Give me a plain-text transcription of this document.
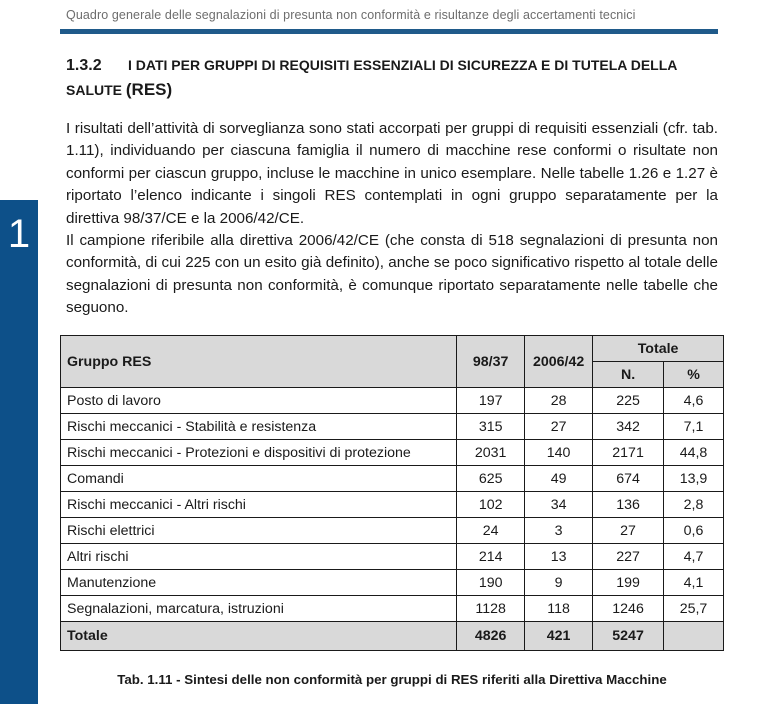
Quadro generale delle segnalazioni di presunta non conformità e risultanze degli accertamenti tecnici
1
1.3.2 I DATI PER GRUPPI DI REQUISITI ESSENZIALI DI SICUREZZA E DI TUTELA DELLA SALUTE (RES)

I risultati dell’attività di sorveglianza sono stati accorpati per gruppi di requisiti essenziali (cfr. tab. 1.11), individuando per ciascuna famiglia il numero di macchine rese conformi o risultate non conformi per ciascun gruppo, incluse le macchine in unico esemplare. Nelle tabelle 1.26 e 1.27 è riportato l’elenco indicante i singoli RES contemplati in ogni gruppo separatamente per la direttiva 98/37/CE e la 2006/42/CE.

Il campione riferibile alla direttiva 2006/42/CE (che consta di 518 segnalazioni di presunta non conformità, di cui 225 con un esito già definito), anche se poco significativo rispetto al totale delle segnalazioni di presunta non conformità, è comunque riportato separatamente nelle tabelle che seguono.

Gruppo RES	98/37	2006/42	Totale	
			N.	%
Posto di lavoro	197	28	225	4,6
Rischi meccanici - Stabilità e resistenza	315	27	342	7,1
Rischi meccanici - Protezioni e dispositivi di protezione	2031	140	2171	44,8
Comandi	625	49	674	13,9
Rischi meccanici - Altri rischi	102	34	136	2,8
Rischi elettrici	24	3	27	0,6
Altri rischi	214	13	227	4,7
Manutenzione	190	9	199	4,1
Segnalazioni, marcatura, istruzioni	1128	118	1246	25,7
Totale	4826	421	5247	
Tab. 1.11 - Sintesi delle non conformità per gruppi di RES riferiti alla Direttiva Macchine
